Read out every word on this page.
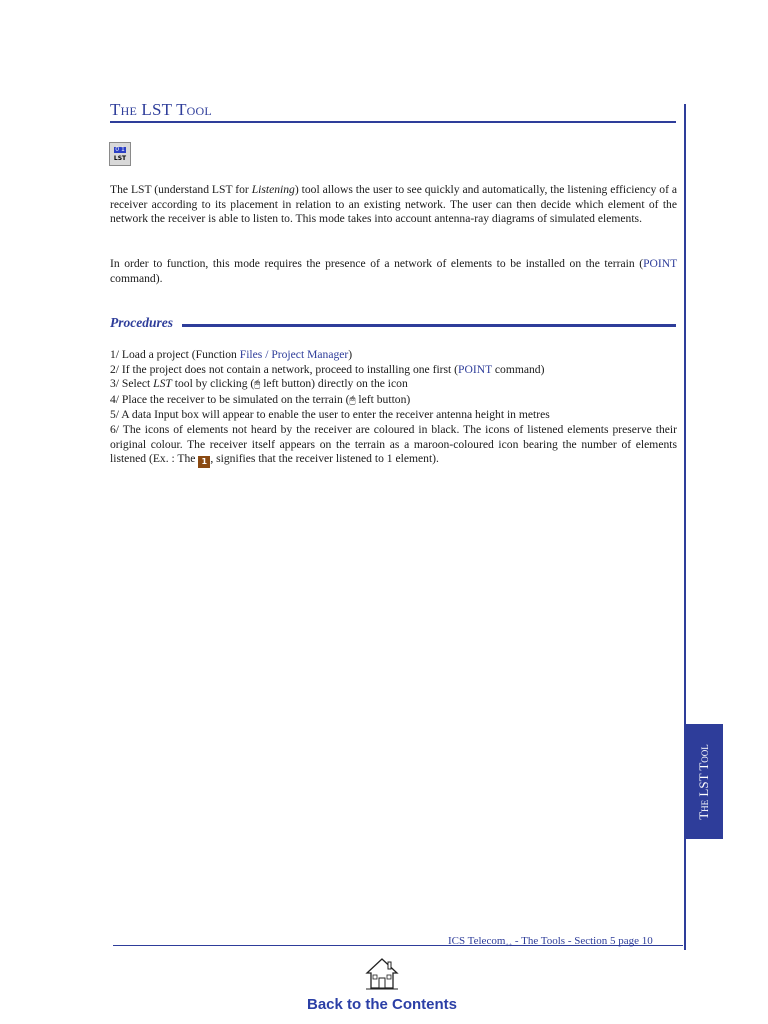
The LST Tool
0 1
LST

The LST (understand LST for Listening) tool allows the user to see quickly and automatically, the listening efficiency of a receiver according to its placement in relation to an existing network. The user can then decide which element of the network the receiver is able to listen to. This mode takes into account antenna-ray diagrams of simulated elements.

In order to function, this mode requires the presence of a network of elements to be installed on the terrain (POINT command).

Procedures
1/ Load a project (Function Files / Project Manager)
2/ If the project does not contain a network, proceed to installing one first (POINT command)
3/ Select LST tool by clicking (🖱 left button) directly on the icon
4/ Place the receiver to be simulated on the terrain (🖱 left button)
5/ A data Input box will appear to enable the user to enter the receiver antenna height in metres
6/ The icons of elements not heard by the receiver are coloured in black. The icons of listened elements preserve their original colour. The receiver itself appears on the terrain as a maroon-coloured icon bearing the number of elements listened (Ex. : The 1 , signifies that the receiver listened to 1 element).
The LST Tool
ICS Telecom$_{++}$ - The Tools - Section 5 page 10
Back to the Contents
